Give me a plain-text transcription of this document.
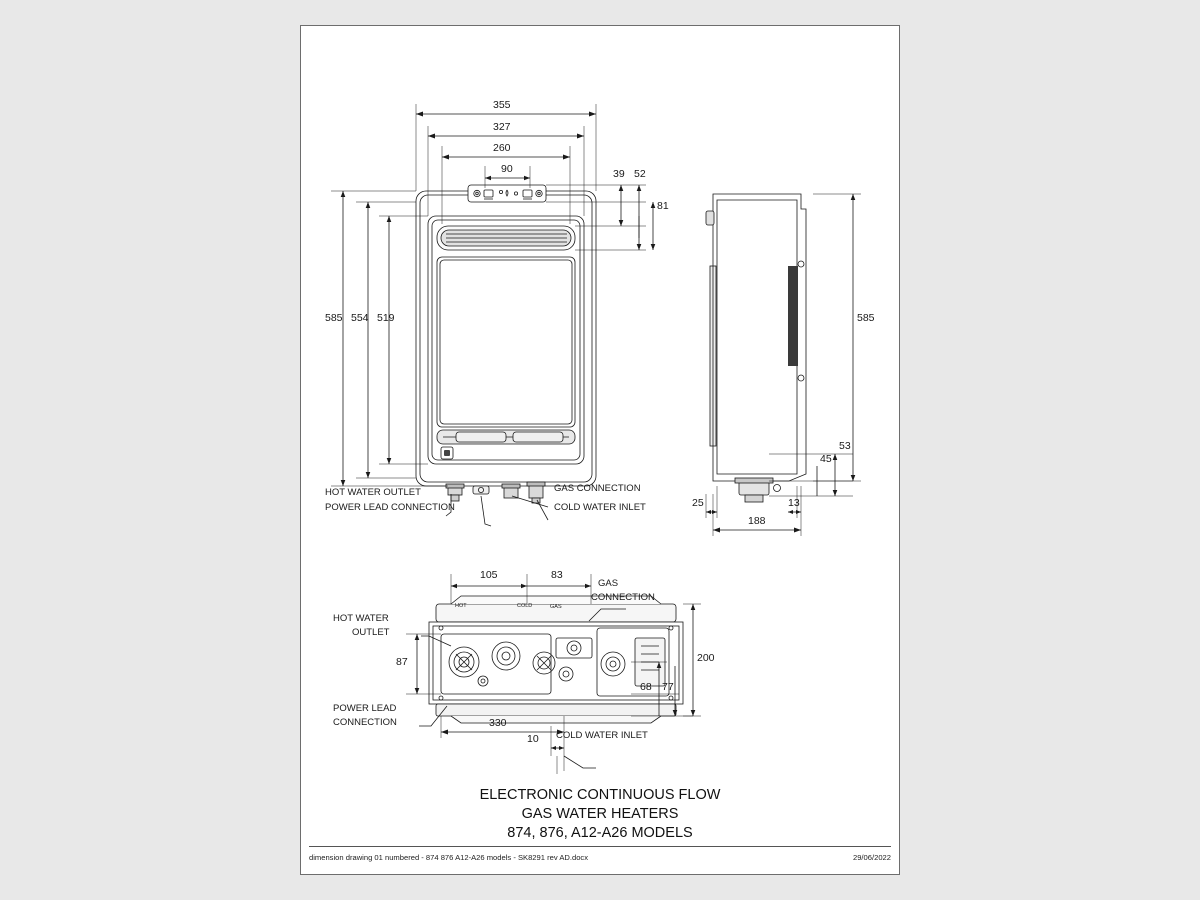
355
327
260
90	39 52
81
585 554 519
HOT WATER OUTLET
POWER LEAD CONNECTION
GAS CONNECTION
COLD WATER INLET
585
53
45
25	13
188
105	83
200
87
68 77
330
10
GAS
CONNECTION
HOT WATER
OUTLET
POWER LEAD
CONNECTION
COLD WATER INLET
HOT	COLD	GAS
ELECTRONIC CONTINUOUS FLOW
GAS WATER HEATERS
874, 876, A12-A26 MODELS
dimension drawing 01 numbered - 874 876 A12-A26 models - SK8291 rev AD.docx	29/06/2022
